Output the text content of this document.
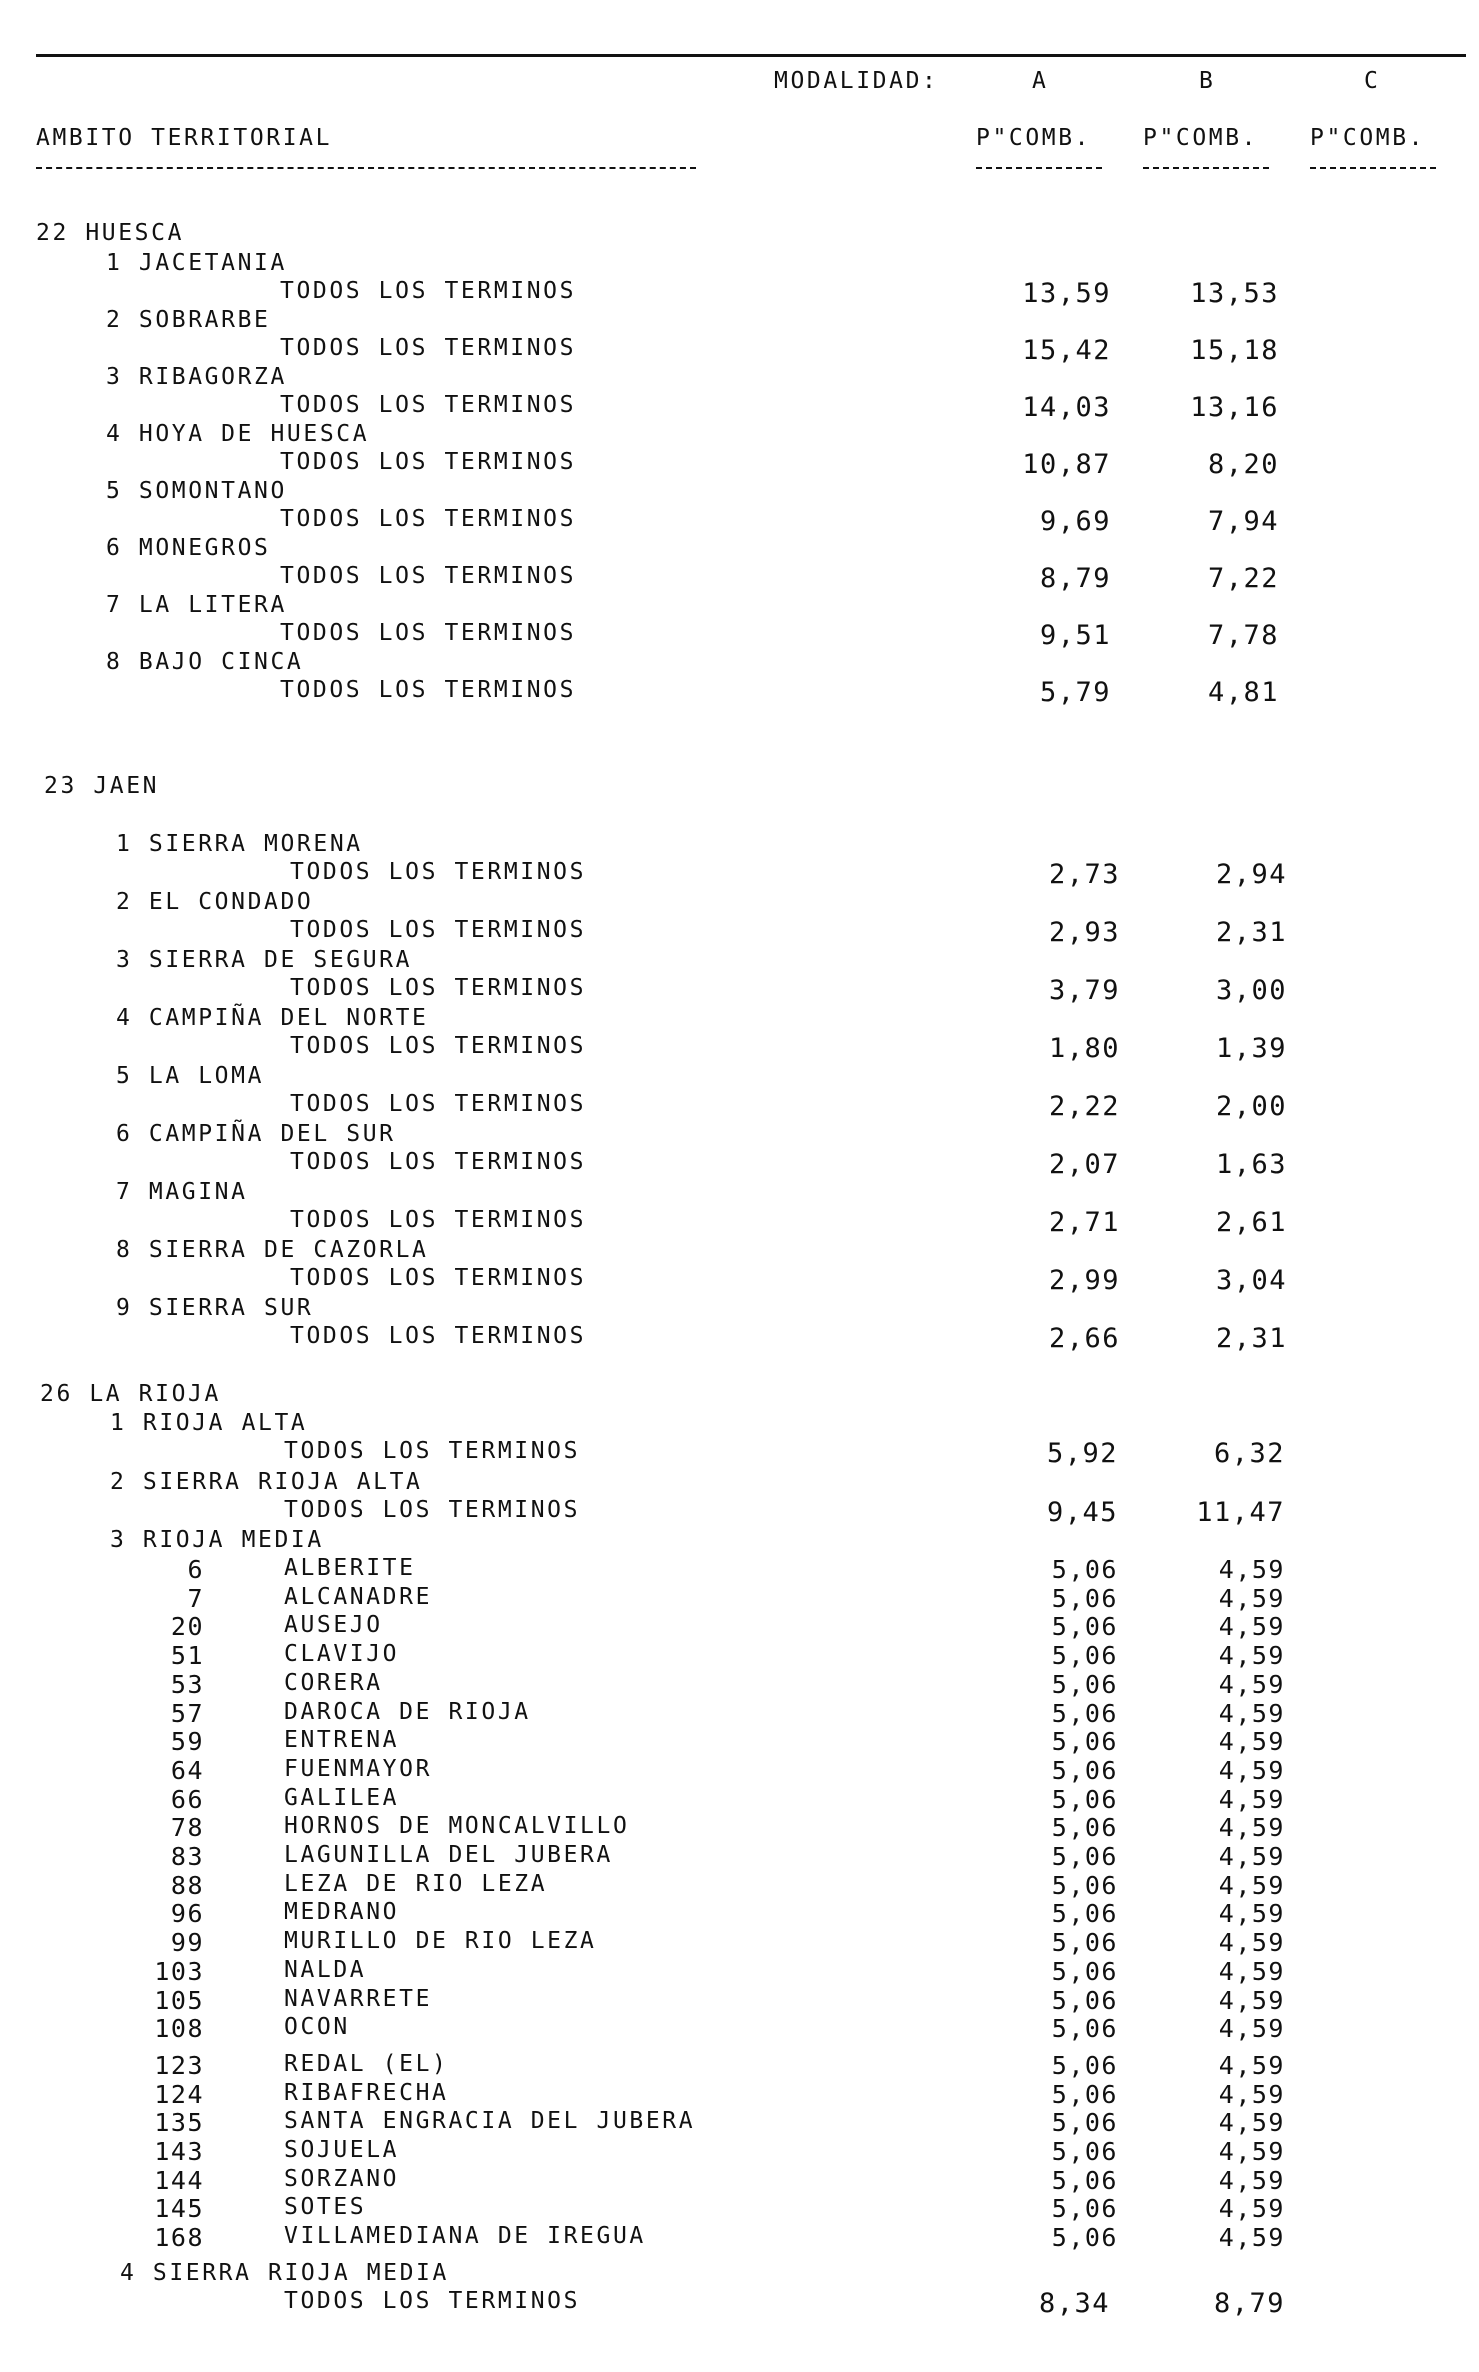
MODALIDAD:	A	B	C
AMBITO TERRITORIAL	P"COMB. P"COMB. P"COMB.
22 HUESCA
1 JACETANIA
TODOS LOS TERMINOS	13,59	13,53
2 SOBRARBE
TODOS LOS TERMINOS	15,42	15,18
3 RIBAGORZA
TODOS LOS TERMINOS	14,03	13,16
4 HOYA DE HUESCA
TODOS LOS TERMINOS	10,87	8,20
5 SOMONTANO
TODOS LOS TERMINOS	9,69	7,94
6 MONEGROS
TODOS LOS TERMINOS	8,79	7,22
7 LA LITERA
TODOS LOS TERMINOS	9,51	7,78
8 BAJO CINCA
TODOS LOS TERMINOS	5,79	4,81
23 JAEN
1 SIERRA MORENA
TODOS LOS TERMINOS	2,73	2,94
2 EL CONDADO
TODOS LOS TERMINOS	2,93	2,31
3 SIERRA DE SEGURA
TODOS LOS TERMINOS	3,79	3,00
4 CAMPIÑA DEL NORTE
TODOS LOS TERMINOS	1,80	1,39
5 LA LOMA
TODOS LOS TERMINOS	2,22	2,00
6 CAMPIÑA DEL SUR
TODOS LOS TERMINOS	2,07	1,63
7 MAGINA
TODOS LOS TERMINOS	2,71	2,61
8 SIERRA DE CAZORLA
TODOS LOS TERMINOS	2,99	3,04
9 SIERRA SUR
TODOS LOS TERMINOS	2,66	2,31
26 LA RIOJA
1 RIOJA ALTA
TODOS LOS TERMINOS	5,92	6,32
2 SIERRA RIOJA ALTA
TODOS LOS TERMINOS	9,45	11,47
3 RIOJA MEDIA
6	ALBERITE	5,06	4,59
7	ALCANADRE	5,06	4,59
20	AUSEJO	5,06	4,59
51	CLAVIJO	5,06	4,59
53	CORERA	5,06	4,59
57	DAROCA DE RIOJA	5,06	4,59
59	ENTRENA	5,06	4,59
64	FUENMAYOR	5,06	4,59
66	GALILEA	5,06	4,59
78	HORNOS DE MONCALVILLO	5,06	4,59
83	LAGUNILLA DEL JUBERA	5,06	4,59
88	LEZA DE RIO LEZA	5,06	4,59
96	MEDRANO	5,06	4,59
99	MURILLO DE RIO LEZA	5,06	4,59
103	NALDA	5,06	4,59
105	NAVARRETE	5,06	4,59
108	OCON	5,06	4,59
123	REDAL (EL)	5,06	4,59
124	RIBAFRECHA	5,06	4,59
135	SANTA ENGRACIA DEL JUBERA	5,06	4,59
143	SOJUELA	5,06	4,59
144	SORZANO	5,06	4,59
145	SOTES	5,06	4,59
168	VILLAMEDIANA DE IREGUA	5,06	4,59
4 SIERRA RIOJA MEDIA
TODOS LOS TERMINOS	8,34	8,79
